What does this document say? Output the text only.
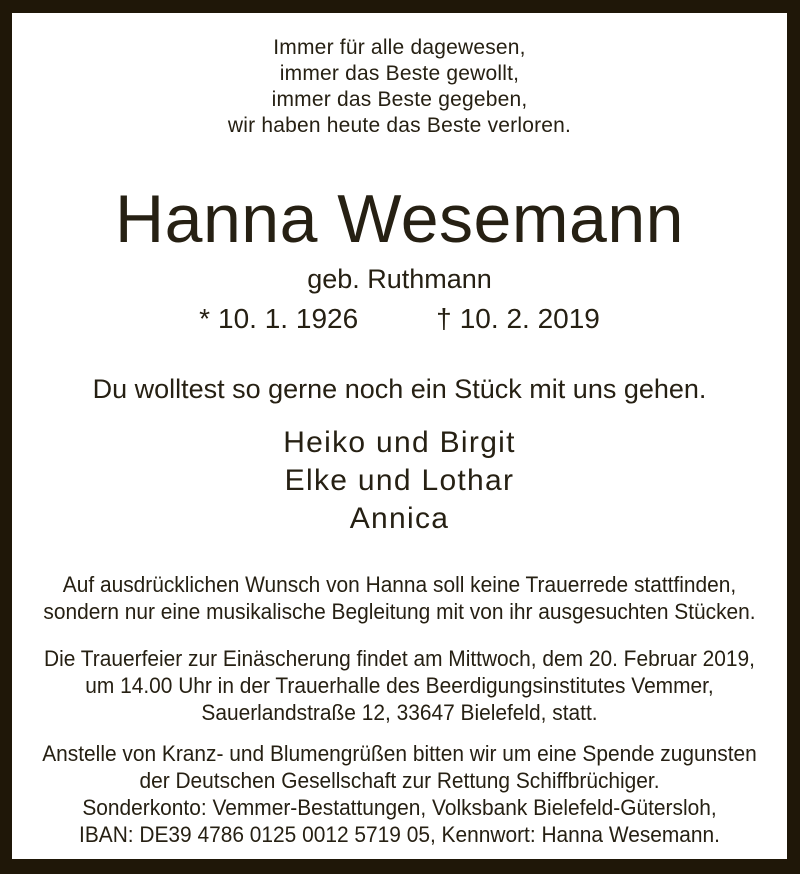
Immer für alle dagewesen,
immer das Beste gewollt,
immer das Beste gegeben,
wir haben heute das Beste verloren.
Hanna Wesemann
geb. Ruthmann
* 10. 1. 1926	† 10. 2. 2019
Du wolltest so gerne noch ein Stück mit uns gehen.
Heiko und Birgit
Elke und Lothar
Annica
Auf ausdrücklichen Wunsch von Hanna soll keine Trauerrede stattfinden,
sondern nur eine musikalische Begleitung mit von ihr ausgesuchten Stücken.
Die Trauerfeier zur Einäscherung findet am Mittwoch, dem 20. Februar 2019,
um 14.00 Uhr in der Trauerhalle des Beerdigungsinstitutes Vemmer,
Sauerlandstraße 12, 33647 Bielefeld, statt.
Anstelle von Kranz- und Blumengrüßen bitten wir um eine Spende zugunsten
der Deutschen Gesellschaft zur Rettung Schiffbrüchiger.
Sonderkonto: Vemmer-Bestattungen, Volksbank Bielefeld-Gütersloh,
IBAN: DE39 4786 0125 0012 5719 05, Kennwort: Hanna Wesemann.
